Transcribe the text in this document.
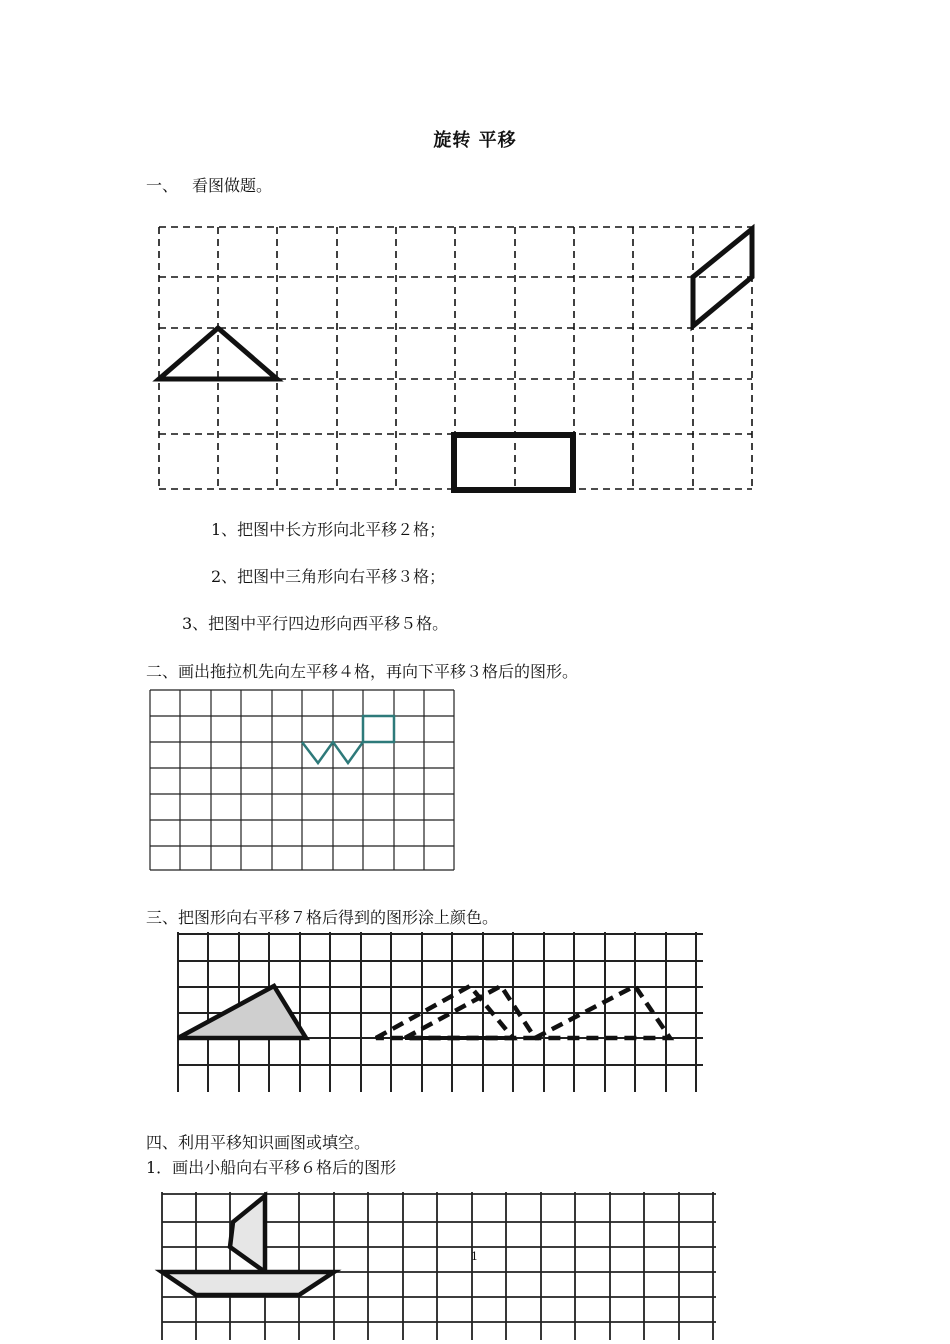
旋转 平移
一、 看图做题。
1、把图中长方形向北平移２格；
2、把图中三角形向右平移３格；
3、把图中平行四边形向西平移５格。
二、画出拖拉机先向左平移４格，再向下平移３格后的图形。
三、把图形向右平移７格后得到的图形涂上颜色。
四、利用平移知识画图或填空。
1．画出小船向右平移６格后的图形
1
